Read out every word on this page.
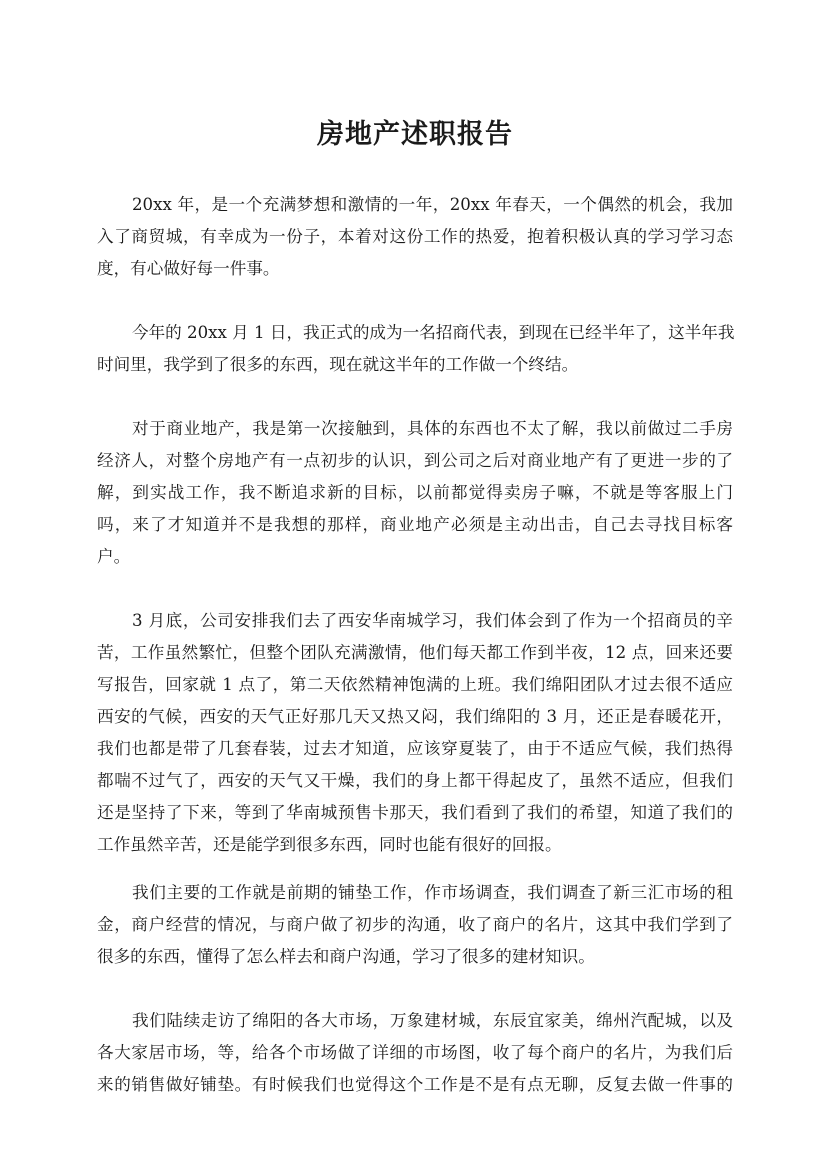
房地产述职报告
20xx 年，是一个充满梦想和激情的一年，20xx 年春天，一个偶然的机会，我加
入了商贸城，有幸成为一份子，本着对这份工作的热爱，抱着积极认真的学习学习态
度，有心做好每一件事。
今年的 20xx 月 1 日，我正式的成为一名招商代表，到现在已经半年了，这半年我
时间里，我学到了很多的东西，现在就这半年的工作做一个终结。
对于商业地产，我是第一次接触到，具体的东西也不太了解，我以前做过二手房
经济人，对整个房地产有一点初步的认识，到公司之后对商业地产有了更进一步的了
解，到实战工作，我不断追求新的目标，以前都觉得卖房子嘛，不就是等客服上门
吗，来了才知道并不是我想的那样，商业地产必须是主动出击，自己去寻找目标客
户。
3 月底，公司安排我们去了西安华南城学习，我们体会到了作为一个招商员的辛
苦，工作虽然繁忙，但整个团队充满激情，他们每天都工作到半夜，12 点，回来还要
写报告，回家就 1 点了，第二天依然精神饱满的上班。我们绵阳团队才过去很不适应
西安的气候，西安的天气正好那几天又热又闷，我们绵阳的 3 月，还正是春暖花开，
我们也都是带了几套春装，过去才知道，应该穿夏装了，由于不适应气候，我们热得
都喘不过气了，西安的天气又干燥，我们的身上都干得起皮了，虽然不适应，但我们
还是坚持了下来，等到了华南城预售卡那天，我们看到了我们的希望，知道了我们的
工作虽然辛苦，还是能学到很多东西，同时也能有很好的回报。
我们主要的工作就是前期的铺垫工作，作市场调查，我们调查了新三汇市场的租
金，商户经营的情况，与商户做了初步的沟通，收了商户的名片，这其中我们学到了
很多的东西，懂得了怎么样去和商户沟通，学习了很多的建材知识。
我们陆续走访了绵阳的各大市场，万象建材城，东辰宜家美，绵州汽配城，以及
各大家居市场，等，给各个市场做了详细的市场图，收了每个商户的名片，为我们后
来的销售做好铺垫。有时候我们也觉得这个工作是不是有点无聊，反复去做一件事的
